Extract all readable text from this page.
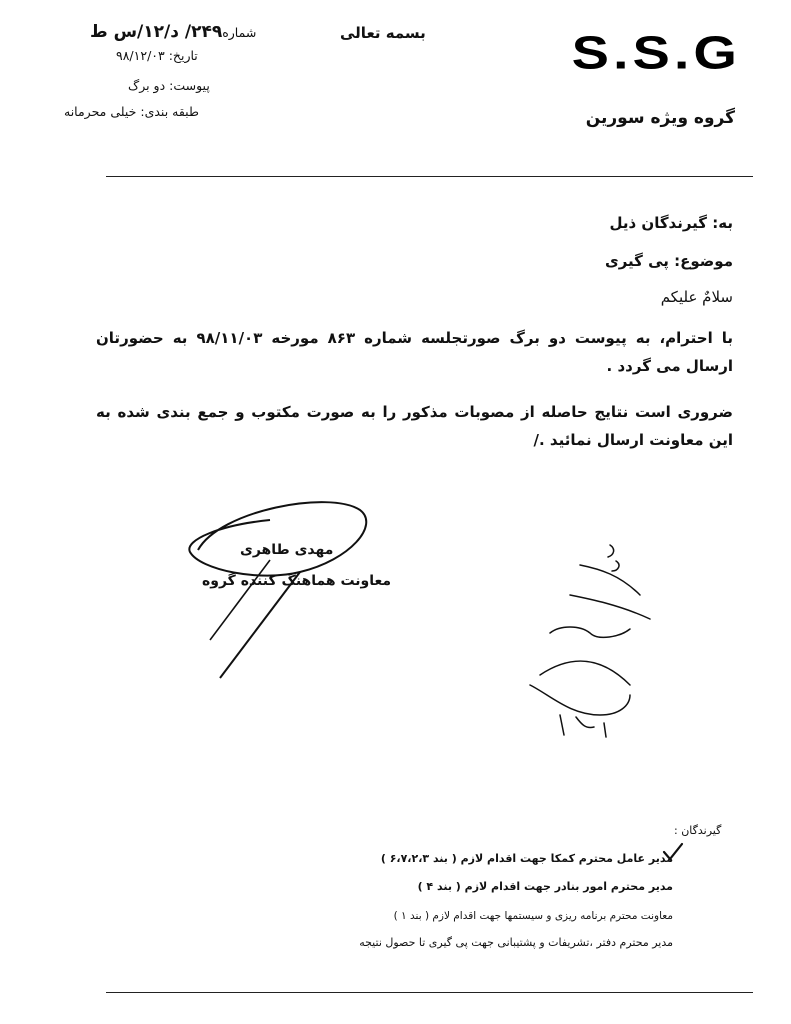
S.S.G
گروه ویژه سورین
بسمه تعالی
شماره۲۴۹/ د/۱۲/س ط
تاریخ: ۹۸/۱۲/۰۳
پیوست: دو برگ
طبقه بندی: خیلی محرمانه
به: گیرندگان ذیل
موضوع: پی گیری
سلامٌ علیکم
با احترام، به پیوست دو برگ صورتجلسه شماره ۸۶۳ مورخه ۹۸/۱۱/۰۳ به حضورتان ارسال می گردد .
ضروری است نتایج حاصله از مصوبات مذکور را به صورت مکتوب و جمع بندی شده به این معاونت ارسال نمائید ./
مهدی طاهری
معاونت هماهنگ کننده گروه
گیرندگان :
مدیر عامل محترم کمکا جهت اقدام لازم ( بند ۶،۷،۲،۳ )
مدیر محترم امور بنادر جهت اقدام لازم ( بند ۴ )
معاونت محترم برنامه ریزی و سیستمها جهت اقدام لازم ( بند ۱ )
مدیر محترم دفتر ،تشریفات و پشتیبانی جهت پی گیری تا حصول نتیجه
